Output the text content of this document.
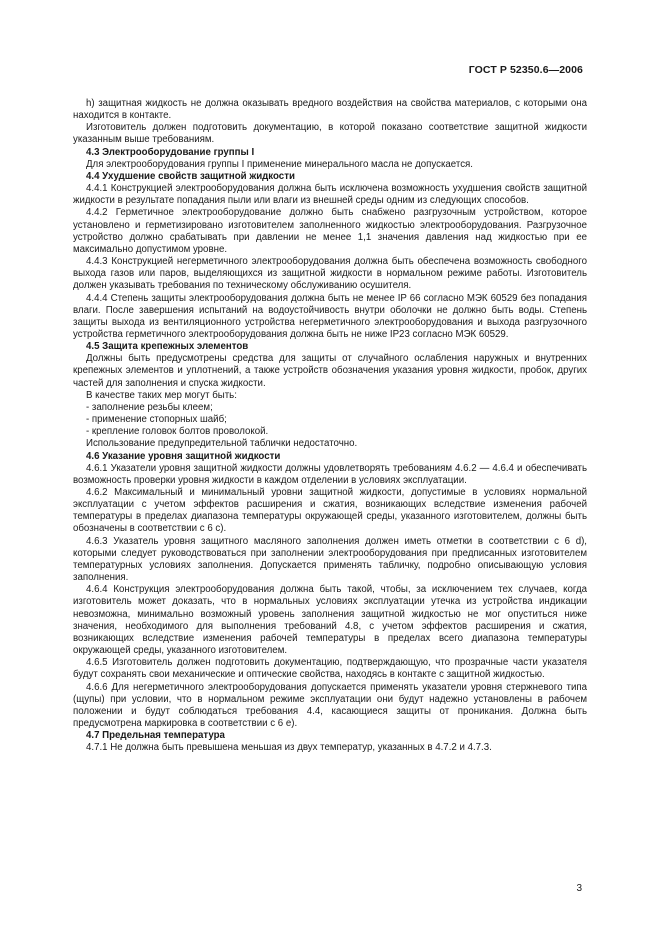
ГОСТ Р 52350.6—2006

h) защитная жидкость не должна оказывать вредного воздействия на свойства материалов, с которыми она находится в контакте.

Изготовитель должен подготовить документацию, в которой показано соответствие защитной жидкости указанным выше требованиям.

4.3 Электрооборудование группы I

Для электрооборудования группы I применение минерального масла не допускается.

4.4 Ухудшение свойств защитной жидкости

4.4.1 Конструкцией электрооборудования должна быть исключена возможность ухудшения свойств защитной жидкости в результате попадания пыли или влаги из внешней среды одним из следующих способов.

4.4.2 Герметичное электрооборудование должно быть снабжено разгрузочным устройством, которое установлено и герметизировано изготовителем заполненного жидкостью электрооборудования. Разгрузочное устройство должно срабатывать при давлении не менее 1,1 значения давления над жидкостью при ее максимально допустимом уровне.

4.4.3 Конструкцией негерметичного электрооборудования должна быть обеспечена возможность свободного выхода газов или паров, выделяющихся из защитной жидкости в нормальном режиме работы. Изготовитель должен указывать требования по техническому обслуживанию осушителя.

4.4.4 Степень защиты электрооборудования должна быть не менее IP 66 согласно МЭК 60529 без попадания влаги. После завершения испытаний на водоустойчивость внутри оболочки не должно быть воды. Степень защиты выхода из вентиляционного устройства негерметичного электрооборудования и выхода разгрузочного устройства герметичного электрооборудования должна быть не ниже IP23 согласно МЭК 60529.

4.5 Защита крепежных элементов

Должны быть предусмотрены средства для защиты от случайного ослабления наружных и внутренних крепежных элементов и уплотнений, а также устройств обозначения указания уровня жидкости, пробок, других частей для заполнения и спуска жидкости.

В качестве таких мер могут быть:

- заполнение резьбы клеем;

- применение стопорных шайб;

- крепление головок болтов проволокой.

Использование предупредительной таблички недостаточно.

4.6 Указание уровня защитной жидкости

4.6.1 Указатели уровня защитной жидкости должны удовлетворять требованиям 4.6.2 — 4.6.4 и обеспечивать возможность проверки уровня жидкости в каждом отделении в условиях эксплуатации.

4.6.2 Максимальный и минимальный уровни защитной жидкости, допустимые в условиях нормальной эксплуатации с учетом эффектов расширения и сжатия, возникающих вследствие изменения рабочей температуры в пределах диапазона температуры окружающей среды, указанного изготовителем, должны быть обозначены в соответствии с 6 с).

4.6.3 Указатель уровня защитного масляного заполнения должен иметь отметки в соответствии с 6 d), которыми следует руководствоваться при заполнении электрооборудования при предписанных изготовителем температурных условиях заполнения. Допускается применять табличку, подробно описывающую условия заполнения.

4.6.4 Конструкция электрооборудования должна быть такой, чтобы, за исключением тех случаев, когда изготовитель может доказать, что в нормальных условиях эксплуатации утечка из устройства индикации невозможна, минимально возможный уровень заполнения защитной жидкостью не мог опуститься ниже значения, необходимого для выполнения требований 4.8, с учетом эффектов расширения и сжатия, возникающих вследствие изменения рабочей температуры в пределах всего диапазона температуры окружающей среды, указанного изготовителем.

4.6.5 Изготовитель должен подготовить документацию, подтверждающую, что прозрачные части указателя будут сохранять свои механические и оптические свойства, находясь в контакте с защитной жидкостью.

4.6.6 Для негерметичного электрооборудования допускается применять указатели уровня стержневого типа (щупы) при условии, что в нормальном режиме эксплуатации они будут надежно установлены в рабочем положении и будут соблюдаться требования 4.4, касающиеся защиты от проникания. Должна быть предусмотрена маркировка в соответствии с 6 е).

4.7 Предельная температура

4.7.1 Не должна быть превышена меньшая из двух температур, указанных в 4.7.2 и 4.7.3.

3
